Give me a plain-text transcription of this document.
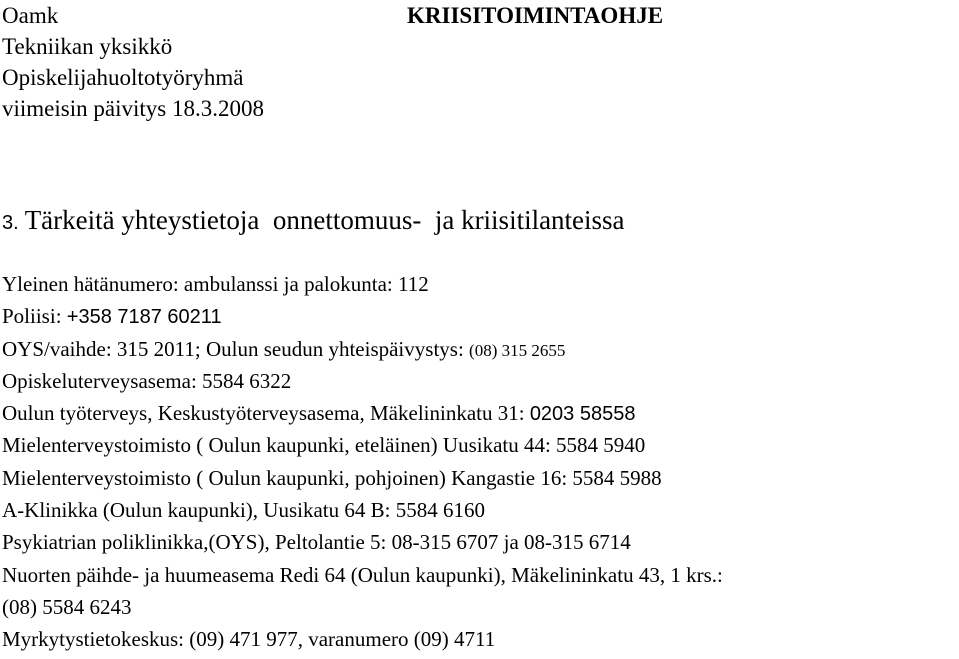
Oamk
Tekniikan yksikkö
Opiskelijahuoltotyöryhmä
viimeisin päivitys 18.3.2008
KRIISITOIMINTAOHJE
3. Tärkeitä yhteystietoja  onnettomuus-  ja kriisitilanteissa
Yleinen hätänumero: ambulanssi ja palokunta: 112
Poliisi: +358 7187 60211
OYS/vaihde: 315 2011; Oulun seudun yhteispäivystys: (08) 315 2655
Opiskeluterveysasema: 5584 6322
Oulun työterveys, Keskustyöterveysasema, Mäkelininkatu 31: 0203 58558
Mielenterveystoimisto ( Oulun kaupunki, eteläinen) Uusikatu 44: 5584 5940
Mielenterveystoimisto ( Oulun kaupunki, pohjoinen) Kangastie 16: 5584 5988
A-Klinikka (Oulun kaupunki), Uusikatu 64 B: 5584 6160
Psykiatrian poliklinikka,(OYS), Peltolantie 5: 08-315 6707 ja 08-315 6714
Nuorten päihde- ja huumeasema Redi 64 (Oulun kaupunki), Mäkelininkatu 43, 1 krs.:
(08) 5584 6243
Myrkytystietokeskus: (09) 471 977, varanumero (09) 4711
